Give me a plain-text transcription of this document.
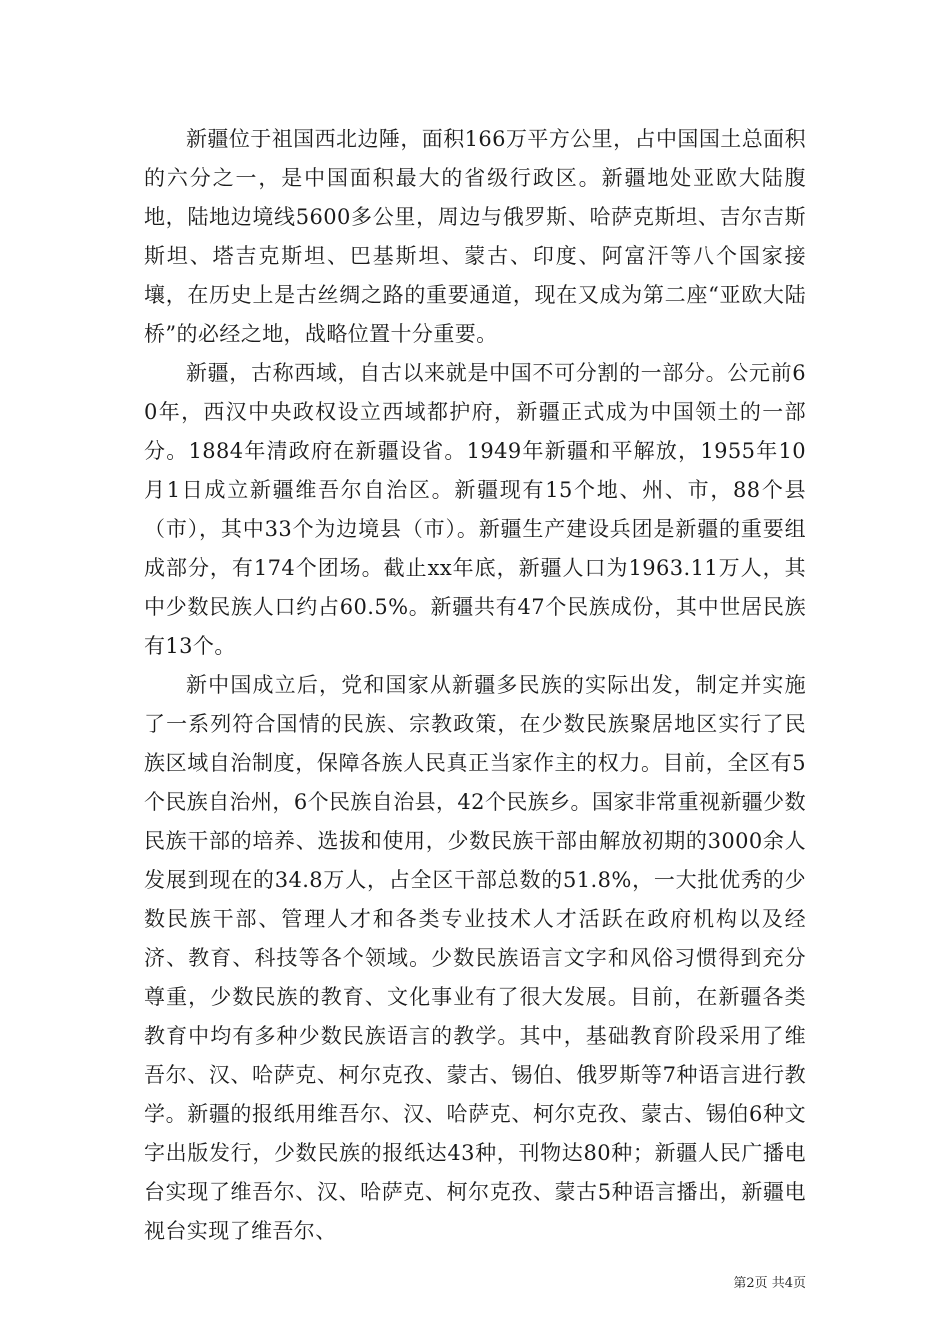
新疆位于祖国西北边陲，面积166万平方公里，占中国国土总面积的六分之一，是中国面积最大的省级行政区。新疆地处亚欧大陆腹地，陆地边境线5600多公里，周边与俄罗斯、哈萨克斯坦、吉尔吉斯斯坦、塔吉克斯坦、巴基斯坦、蒙古、印度、阿富汗等八个国家接壤，在历史上是古丝绸之路的重要通道，现在又成为第二座“亚欧大陆桥”的必经之地，战略位置十分重要。

新疆，古称西域，自古以来就是中国不可分割的一部分。公元前60年，西汉中央政权设立西域都护府，新疆正式成为中国领土的一部分。1884年清政府在新疆设省。1949年新疆和平解放，1955年10月1日成立新疆维吾尔自治区。新疆现有15个地、州、市，88个县（市），其中33个为边境县（市）。新疆生产建设兵团是新疆的重要组成部分，有174个团场。截止xx年底，新疆人口为1963.11万人，其中少数民族人口约占60.5%。新疆共有47个民族成份，其中世居民族有13个。

新中国成立后，党和国家从新疆多民族的实际出发，制定并实施了一系列符合国情的民族、宗教政策，在少数民族聚居地区实行了民族区域自治制度，保障各族人民真正当家作主的权力。目前，全区有5个民族自治州，6个民族自治县，42个民族乡。国家非常重视新疆少数民族干部的培养、选拔和使用，少数民族干部由解放初期的3000余人发展到现在的34.8万人，占全区干部总数的51.8%，一大批优秀的少数民族干部、管理人才和各类专业技术人才活跃在政府机构以及经济、教育、科技等各个领域。少数民族语言文字和风俗习惯得到充分尊重，少数民族的教育、文化事业有了很大发展。目前，在新疆各类教育中均有多种少数民族语言的教学。其中，基础教育阶段采用了维吾尔、汉、哈萨克、柯尔克孜、蒙古、锡伯、俄罗斯等7种语言进行教学。新疆的报纸用维吾尔、汉、哈萨克、柯尔克孜、蒙古、锡伯6种文字出版发行，少数民族的报纸达43种，刊物达80种；新疆人民广播电台实现了维吾尔、汉、哈萨克、柯尔克孜、蒙古5种语言播出，新疆电视台实现了维吾尔、

第2页 共4页
